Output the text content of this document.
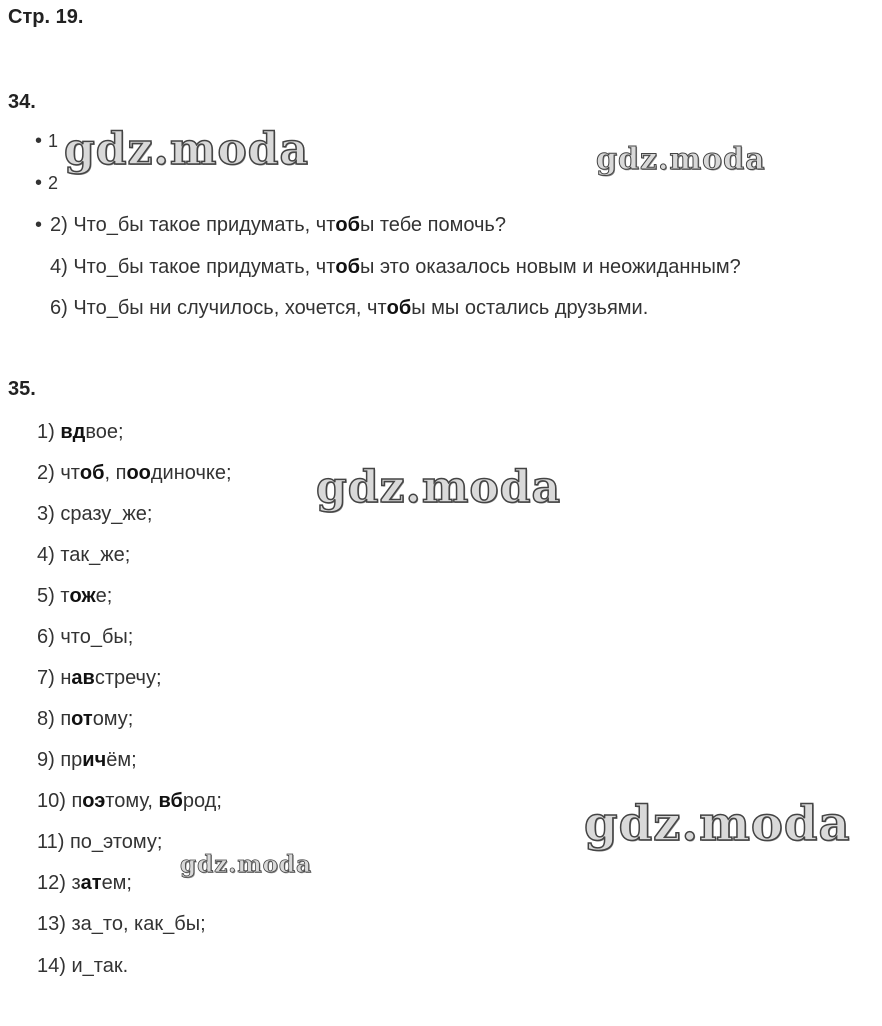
Стр. 19.
34.
• 1
• 2
• 2) Что_бы такое придумать, чтобы тебе помочь?
4) Что_бы такое придумать, чтобы это оказалось новым и неожиданным?
6) Что_бы ни случилось, хочется, чтобы мы остались друзьями.
35.
1) вдвое;
2) чтоб, поодиночке;
3) сразу_же;
4) так_же;
5) тоже;
6) что_бы;
7) навстречу;
8) потому;
9) причём;
10) поэтому, вброд;
11) по_этому;
12) затем;
13) за_то, как_бы;
14) и_так.
gdz.moda	gdz.moda
gdz.moda
gdz.moda
gdz.moda
